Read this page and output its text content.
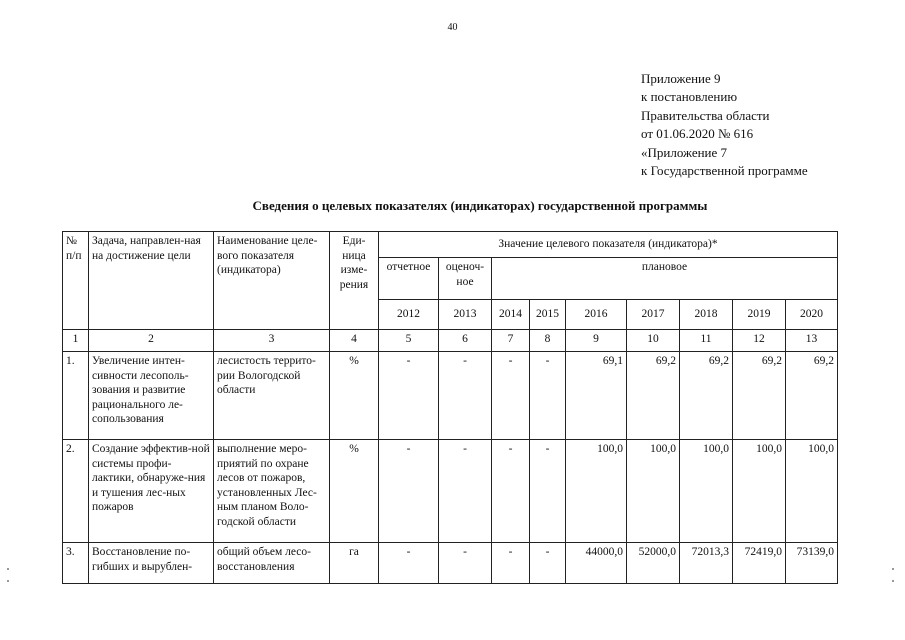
40
Приложение 9
к постановлению
Правительства области
от 01.06.2020 № 616
«Приложение 7
к Государственной программе
Сведения о целевых показателях (индикаторах) государственной программы
№ п/п	Задача, направлен-ная на достижение цели	Наименование целе-вого показателя (индикатора)	Еди-ница изме-рения	Значение целевого показателя (индикатора)*								
				отчетное	оценоч-ное	плановое						
				2012	2013	2014	2015	2016	2017	2018	2019	2020
1	2	3	4	5	6	7	8	9	10	11	12	13
1.	Увеличение интен-сивности лесополь-зования и развитие рационального ле-сопользования	лесистость террито-рии Вологодской области	%	-	-	-	-	69,1	69,2	69,2	69,2	69,2
2.	Создание эффектив-ной системы профи-лактики, обнаруже-ния и тушения лес-ных пожаров	выполнение меро-приятий по охране лесов от пожаров, установленных Лес-ным планом Воло-годской области	%	-	-	-	-	100,0	100,0	100,0	100,0	100,0
3.	Восстановление по-гибших и вырублен-	общий объем лесо-восстановления	га	-	-	-	-	44000,0	52000,0	72013,3	72419,0	73139,0
